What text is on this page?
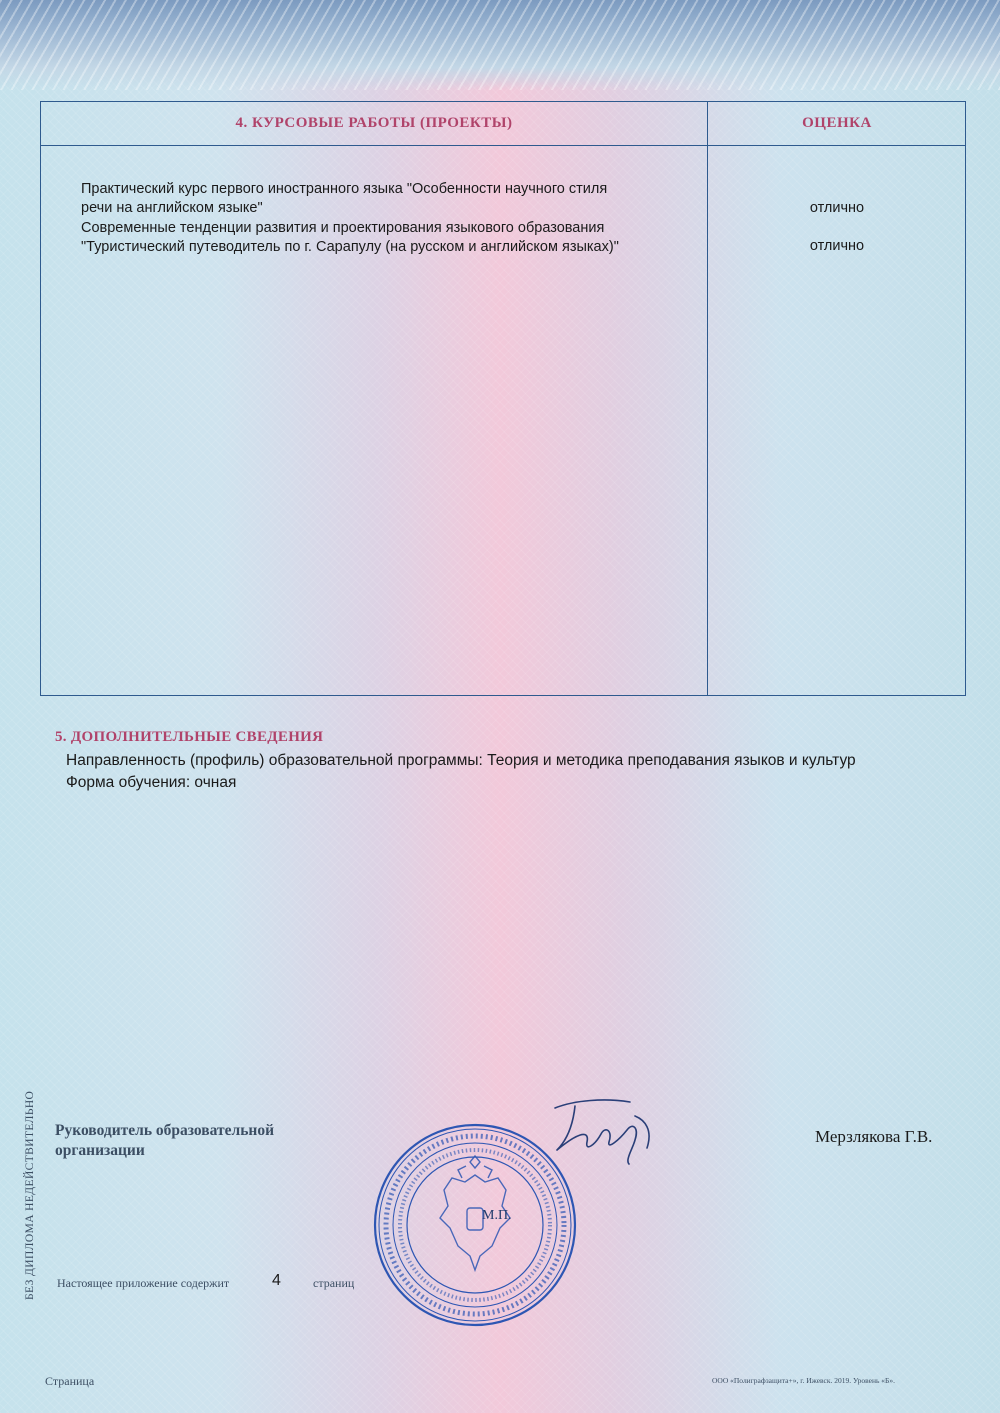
4. КУРСОВЫЕ РАБОТЫ (ПРОЕКТЫ)	ОЦЕНКА
Практический курс первого иностранного языка "Особенности научного стиля
речи на английском языке"	отлично
Современные тенденции развития и проектирования языкового образования
"Туристический путеводитель по г. Сарапулу (на русском и английском языках)"	отлично
5. ДОПОЛНИТЕЛЬНЫЕ СВЕДЕНИЯ
Направленность (профиль) образовательной программы: Теория и методика преподавания языков и культур
Форма обучения: очная
Руководитель образовательной
организации
М.П.
Мерзлякова Г.В.
Настоящее приложение содержит	4	страниц
Страница	ООО «Полиграфзащита+», г. Ижевск. 2019. Уровень «Б».
БЕЗ ДИПЛОМА НЕДЕЙСТВИТЕЛЬНО
